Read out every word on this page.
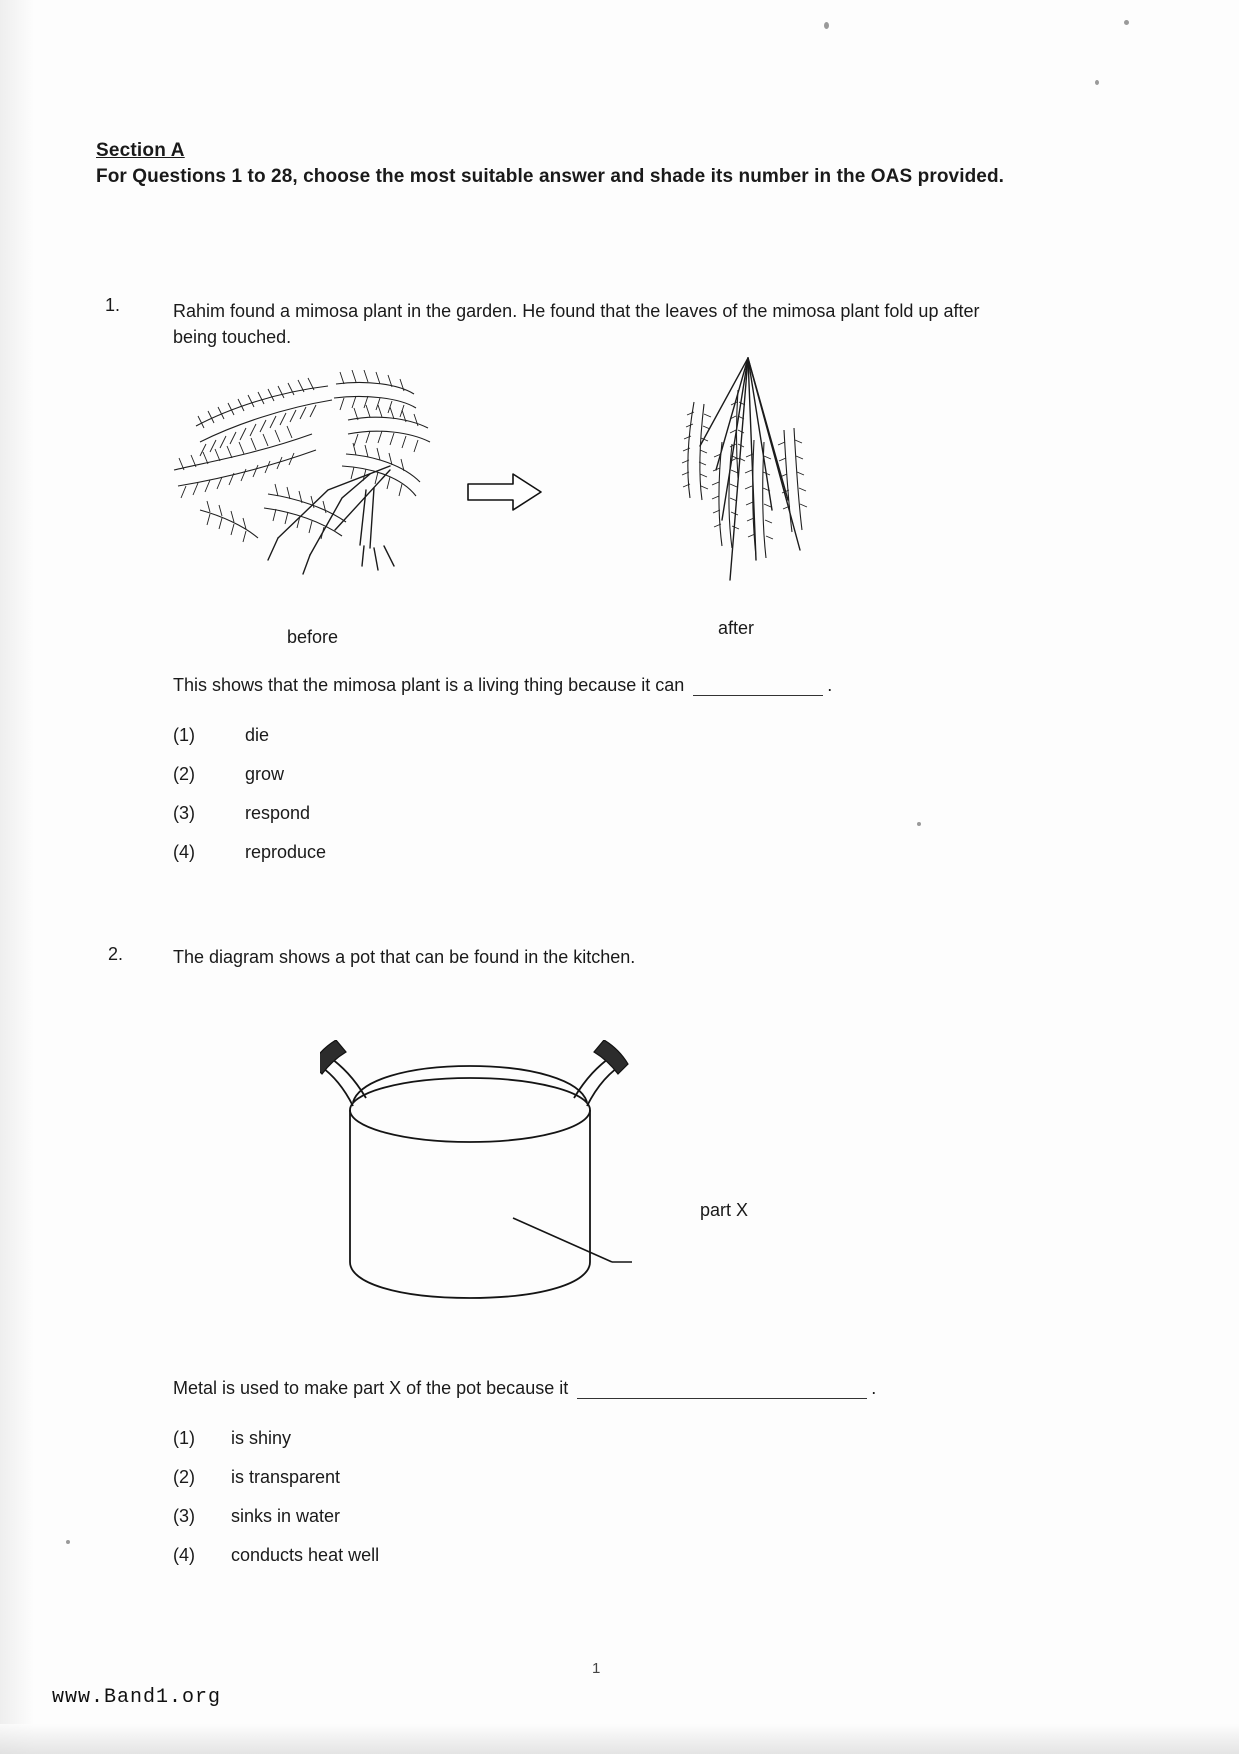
Section A
For Questions 1 to 28, choose the most suitable answer and shade its number in the OAS provided.
1.	Rahim found a mimosa plant in the garden. He found that the leaves of the mimosa plant fold up after being touched.
before	after
This shows that the mimosa plant is a living thing because it can	.
(1)	die
(2)	grow
(3)	respond
(4)	reproduce
2.	The diagram shows a pot that can be found in the kitchen.
part X
Metal is used to make part X of the pot because it	.
(1)	is shiny
(2)	is transparent
(3)	sinks in water
(4)	conducts heat well
1
www.Band1.org
